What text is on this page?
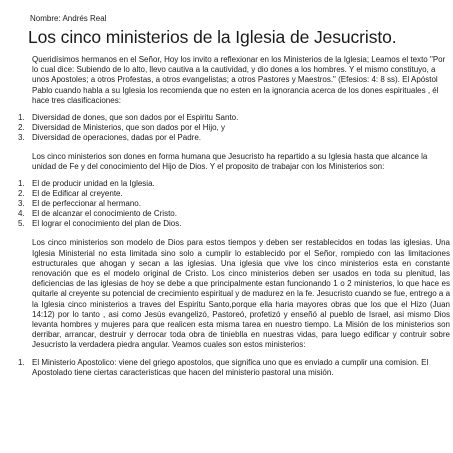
Nombre: Andrés Real
Los cinco ministerios de la Iglesia de Jesucristo.

Queridísimos hermanos en el Señor, Hoy los invito a reflexionar en los Ministerios de la Iglesia; Leamos el texto "Por lo cual dice: Subiendo de lo alto, llevo cautiva a la cautividad, y dio dones a los hombres. Y el mismo constituyo, a unos Apostoles; a otros Profestas, a otros evangelistas; a otros Pastores y Maestros." (Efesios: 4: 8 ss). El Apóstol Pablo cuando habla a su Iglesia los recomienda que no esten en la ignorancia acerca de los dones espirituales , él hace tres clasificaciones:

1. Diversidad de dones, que son dados por el Espiritu Santo.
2. Diversidad de Ministerios, que son dados por el Hijo, y
3. Diversidad de operaciones, dadas por el Padre.

Los cinco ministerios son dones en forma humana que Jesucristo ha repartido a su Iglesia hasta que alcance la unidad de Fe y del conocimiento del Hijo de Dios. Y el proposito de trabajar con los Ministerios son:

1. El de producir unidad en la Iglesia.
2. El de Edificar al creyente.
3. El de perfeccionar al hermano.
4. El de alcanzar el conocimiento de Cristo.
5. El lograr el conocimiento del plan de Dios.

Los cinco ministerios son modelo de Dios para estos tiempos y deben ser restablecidos en todas las iglesias. Una Iglesia Ministerial no esta limitada sino solo a cumplir lo establecido por el Señor, rompiedo con las limitaciones estructurales que ahogan y secan a las iglesias. Una iglesia que vive los cinco ministerios esta en constante renovación que es el modelo original de Cristo. Los cinco ministerios deben ser usados en toda su plenitud, las deficiencias de las iglesias de hoy se debe a que principalmente estan funcionando 1 o 2 ministerios, lo que hace es quitarle al creyente su potencial de crecimiento espiritual y de madurez en la fe. Jesucristo cuando se fue, entrego a a la Iglesia cinco ministerios a traves del Espiritu Santo,porque ella haria mayores obras que los que el Hizo (Juan 14:12) por lo tanto , asi como Jesús evangelizó, Pastoreó, profetizó y enseñó al pueblo de Israel, asi mismo Dios levanta hombres y mujeres para que realicen esta misma tarea en nuestro tiempo. La Misión de los ministerios son derribar, arrancar, destruir y derrocar toda obra de tinieblla en nuestras vidas, para luego edificar y contruir sobre Jesucristo la verdadera piedra angular. Veamos cuales son estos ministerios:

1. El Ministerio Apostolico: viene del griego apostolos, que significa uno que es enviado a cumplir una comision. El Apostolado tiene ciertas caracteristicas que hacen del ministerio pastoral una misión.
